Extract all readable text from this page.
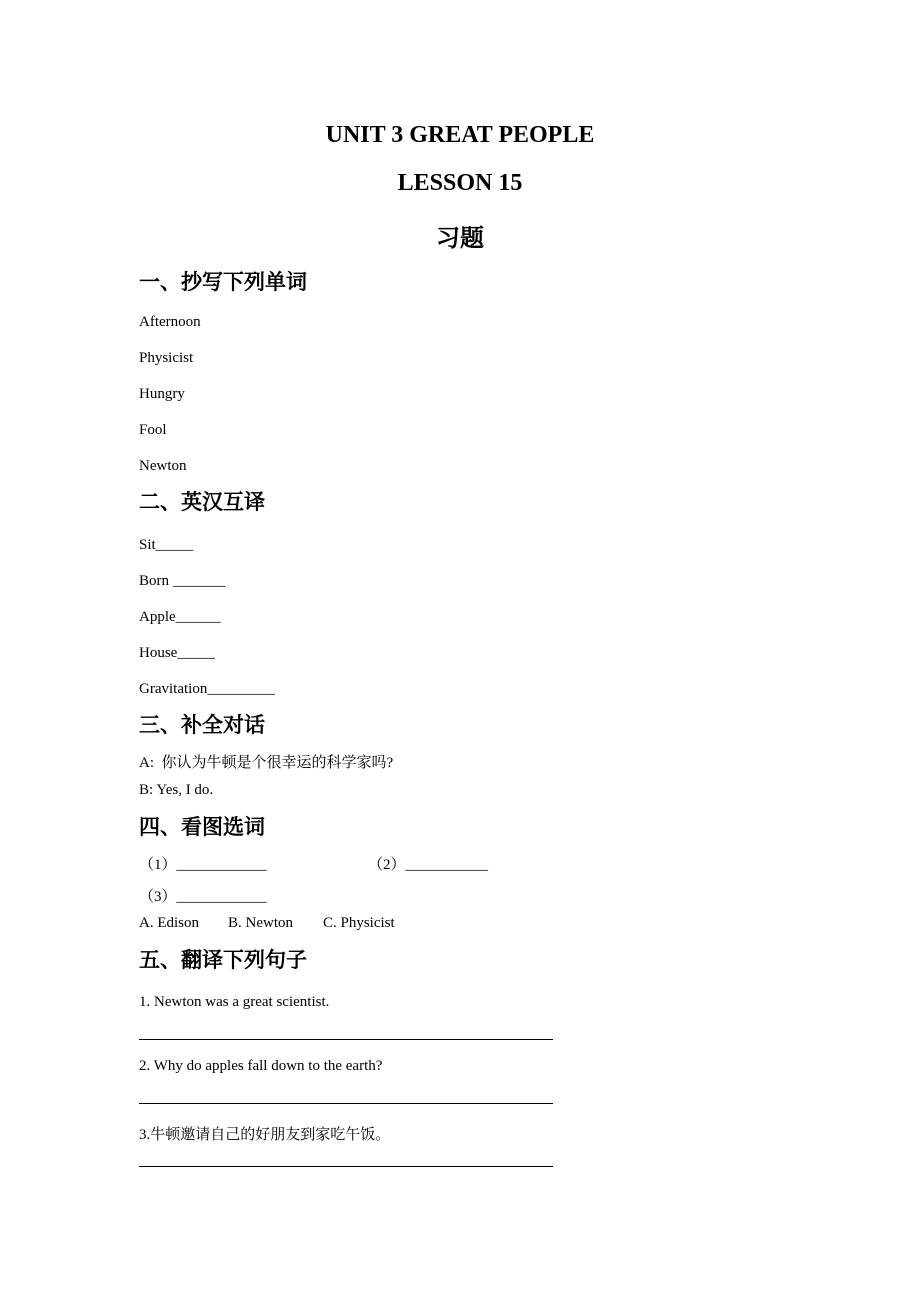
UNIT 3 GREAT PEOPLE
LESSON 15
习题
一、抄写下列单词
Afternoon
Physicist
Hungry
Fool
Newton
二、英汉互译
Sit_____
Born _______
Apple______
House_____
Gravitation_________
三、补全对话
A:  你认为牛顿是个很幸运的科学家吗?
B: Yes, I do.
四、看图选词
（1）____________	（2）___________
（3）____________
A. Edison B. Newton C. Physicist
五、翻译下列句子
1. Newton was a great scientist.
2. Why do apples fall down to the earth?
3.牛顿邀请自己的好朋友到家吃午饭。
